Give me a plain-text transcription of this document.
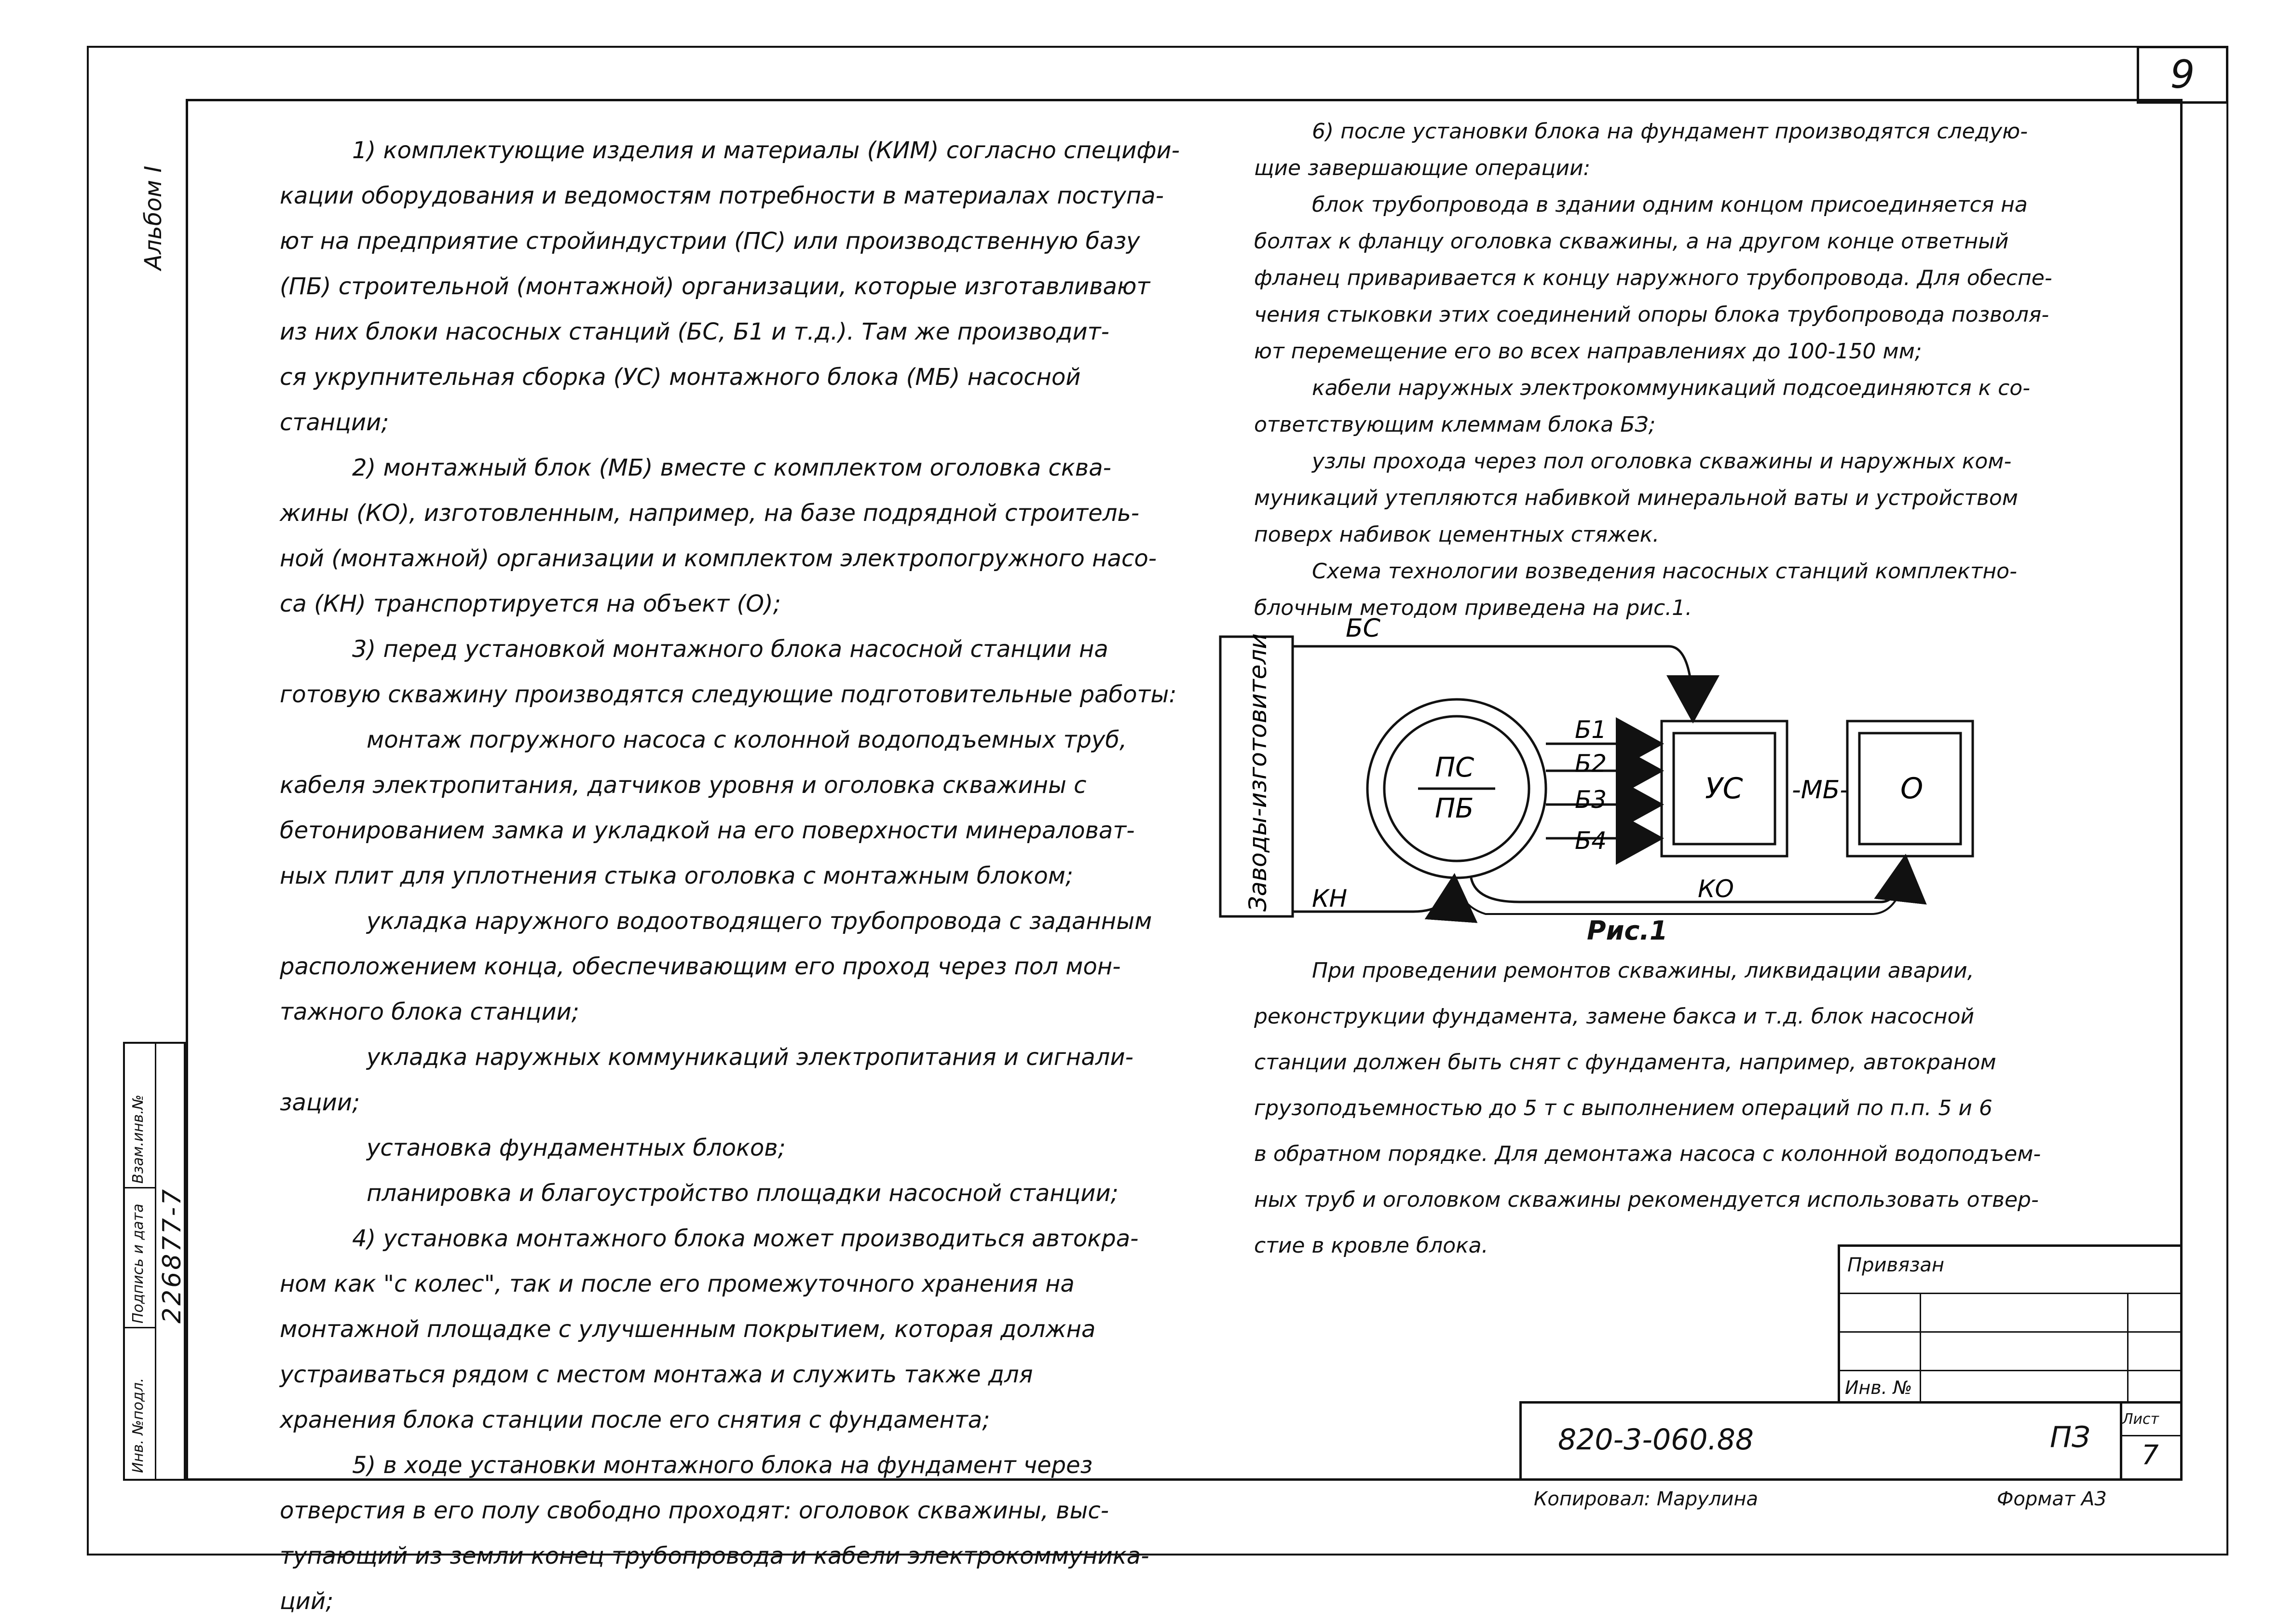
9
Альбом I
Взам.инв.№
Подпись и дата
Инв. №подл.
226877-7

1) комплектующие изделия и материалы (КИМ) согласно специфи-

кации оборудования и ведомостям потребности в материалах поступа-

ют на предприятие стройиндустрии (ПС) или производственную базу

(ПБ) строительной (монтажной) организации, которые изготавливают

из них блоки насосных станций (БС, Б1 и т.д.). Там же производит-

ся укрупнительная сборка (УС) монтажного блока (МБ) насосной

станции;

2) монтажный блок (МБ) вместе с комплектом оголовка сква-

жины (КО), изготовленным, например, на базе подрядной строитель-

ной (монтажной) организации и комплектом электропогружного насо-

са (КН) транспортируется на объект (О);

3) перед установкой монтажного блока насосной станции на

готовую скважину производятся следующие подготовительные работы:

монтаж погружного насоса с колонной водоподъемных труб,

кабеля электропитания, датчиков уровня и оголовка скважины с

бетонированием замка и укладкой на его поверхности минераловат-

ных плит для уплотнения стыка оголовка с монтажным блоком;

укладка наружного водоотводящего трубопровода с заданным

расположением конца, обеспечивающим его проход через пол мон-

тажного блока станции;

укладка наружных коммуникаций электропитания и сигнали-

зации;

установка фундаментных блоков;

планировка и благоустройство площадки насосной станции;

4) установка монтажного блока может производиться автокра-

ном как "с колес", так и после его промежуточного хранения на

монтажной площадке с улучшенным покрытием, которая должна

устраиваться рядом с местом монтажа и служить также для

хранения блока станции после его снятия с фундамента;

5) в ходе установки монтажного блока на фундамент через

отверстия в его полу свободно проходят: оголовок скважины, выс-

тупающий из земли конец трубопровода и кабели электрокоммуника-

ций;

6) после установки блока на фундамент производятся следую-

щие завершающие операции:

блок трубопровода в здании одним концом присоединяется на

болтах к фланцу оголовка скважины, а на другом конце ответный

фланец приваривается к концу наружного трубопровода. Для обеспе-

чения стыковки этих соединений опоры блока трубопровода позволя-

ют перемещение его во всех направлениях до 100-150 мм;

кабели наружных электрокоммуникаций подсоединяются к со-

ответствующим клеммам блока БЗ;

узлы прохода через пол оголовка скважины и наружных ком-

муникаций утепляются набивкой минеральной ваты и устройством

поверх набивок цементных стяжек.

Схема технологии возведения насосных станций комплектно-

блочным методом приведена на рис.1.

Заводы-изготовители
БС
ПС
ПБ
Б1
Б2
Б3
Б4
УС -МБ- О
КО
КН
Рис.1

При проведении ремонтов скважины, ликвидации аварии,

реконструкции фундамента, замене бакса и т.д. блок насосной

станции должен быть снят с фундамента, например, автокраном

грузоподъемностью до 5 т с выполнением операций по п.п. 5 и 6

в обратном порядке. Для демонтажа насоса с колонной водоподъем-

ных труб и оголовком скважины рекомендуется использовать отвер-

стие в кровле блока.

Привязан
Инв. №
820-3-060.88	ПЗ
Лист
7
Копировал: Марулина	Формат А3
